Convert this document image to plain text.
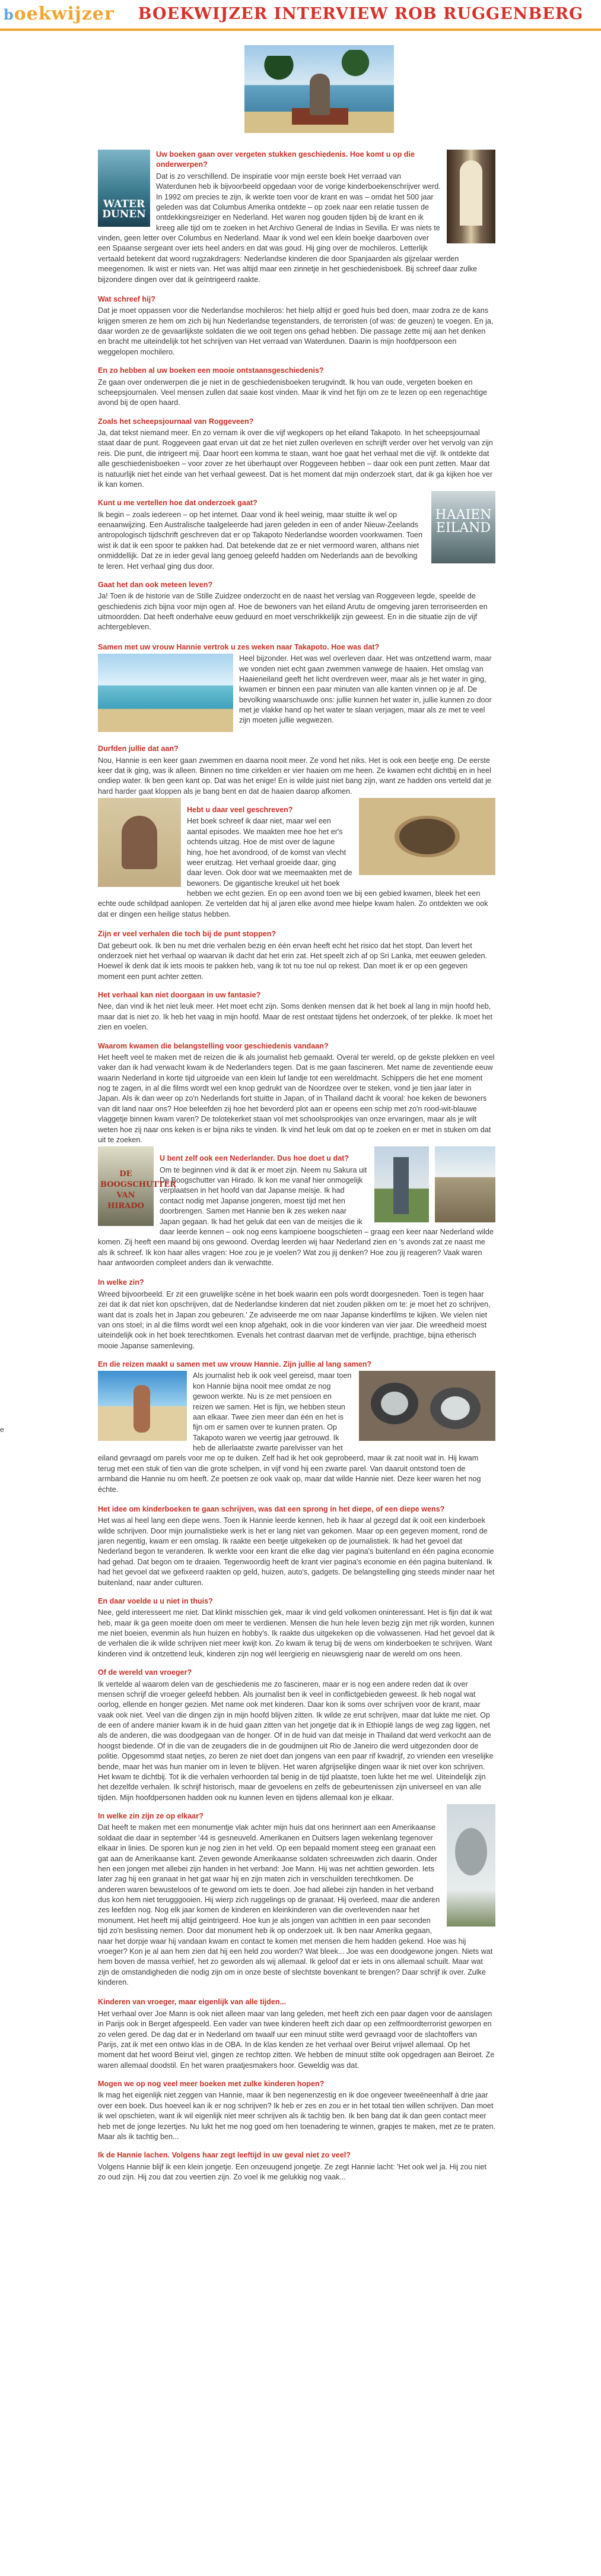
boekwijzer BOEKWIJZER INTERVIEW ROB RUGGENBERG
WATER DUNEN
Uw boeken gaan over vergeten stukken geschiedenis. Hoe komt u op die onderwerpen?

Dat is zo verschillend. De inspiratie voor mijn eerste boek Het verraad van Waterdunen heb ik bijvoorbeeld opgedaan voor de vorige kinderboekenschrijver werd. In 1992 om precies te zijn, ik werkte toen voor de krant en was – omdat het 500 jaar geleden was dat Columbus Amerika ontdekte – op zoek naar een relatie tussen de ontdekkingsreiziger en Nederland. Het waren nog gouden tijden bij de krant en ik kreeg alle tijd om te zoeken in het Archivo General de Indias in Sevilla. Er was niets te vinden, geen letter over Columbus en Nederland. Maar ik vond wel een klein boekje daarboven over een Spaanse sergeant over iets heel anders en dat was goud. Hij ging over de mochileros. Letterlijk vertaald betekent dat woord rugzakdragers: Nederlandse kinderen die door Spanjaarden als gijzelaar werden meegenomen. Ik wist er niets van. Het was altijd maar een zinnetje in het geschiedenisboek. Bij schreef daar zulke bijzondere dingen over dat ik geïntrigeerd raakte.

Wat schreef hij?

Dat je moet oppassen voor die Nederlandse mochileros: het hielp altijd er goed huis bed doen, maar zodra ze de kans krijgen smeren ze hem om zich bij hun Nederlandse tegenstanders, de terroristen (of was: de geuzen) te voegen. En ja, daar worden ze de gevaarlijkste soldaten die we ooit tegen ons gehad hebben. Die passage zette mij aan het denken en bracht me uiteindelijk tot het schrijven van Het verraad van Waterdunen. Daarin is mijn hoofdpersoon een weggelopen mochilero.

En zo hebben al uw boeken een mooie ontstaansgeschiedenis?

Ze gaan over onderwerpen die je niet in de geschiedenisboeken terugvindt. Ik hou van oude, vergeten boeken en scheepsjournalen. Veel mensen zullen dat saaie kost vinden. Maar ik vind het fijn om ze te lezen op een regenachtige avond bij de open haard.

Zoals het scheepsjournaal van Roggeveen?

Ja, dat tekst niemand meer. En zo vernam ik over die vijf wegkopers op het eiland Takapoto. In het scheepsjournaal staat daar de punt. Roggeveen gaat ervan uit dat ze het niet zullen overleven en schrijft verder over het vervolg van zijn reis. Die punt, die intrigeert mij. Daar hoort een komma te staan, want hoe gaat het verhaal met die vijf. Ik ontdekte dat alle geschiedenisboeken – voor zover ze het überhaupt over Roggeveen hebben – daar ook een punt zetten. Maar dat is natuurlijk niet het einde van het verhaal geweest. Dat is het moment dat mijn onderzoek start, dat ik ga kijken hoe ver ik kan komen.

HAAIEN EILAND
Kunt u me vertellen hoe dat onderzoek gaat?

Ik begin – zoals iedereen – op het internet. Daar vond ik heel weinig, maar stuitte ik wel op eenaanwijzing. Een Australische taalgeleerde had jaren geleden in een of ander Nieuw-Zeelands antropologisch tijdschrift geschreven dat er op Takapoto Nederlandse woorden voorkwamen. Toen wist ik dat ik een spoor te pakken had. Dat betekende dat ze er niet vermoord waren, althans niet onmiddellijk. Dat ze in ieder geval lang genoeg geleefd hadden om Nederlands aan de bevolking te leren. Het verhaal ging dus door.

Gaat het dan ook meteen leven?

Ja! Toen ik de historie van de Stille Zuidzee onderzocht en de naast het verslag van Roggeveen legde, speelde de geschiedenis zich bijna voor mijn ogen af. Hoe de bewoners van het eiland Arutu de omgeving jaren terroriseerden en uitmoordden. Dat heeft onderhalve eeuw geduurd en moet verschrikkelijk zijn geweest. En in die situatie zijn de vijf achtergebleven.

Samen met uw vrouw Hannie vertrok u zes weken naar Takapoto. Hoe was dat?

Heel bijzonder. Het was wel overleven daar. Het was ontzettend warm, maar we vonden niet echt gaan zwemmen vanwege de haaien. Het omslag van Haaieneiland geeft het licht overdreven weer, maar als je het water in ging, kwamen er binnen een paar minuten van alle kanten vinnen op je af. De bevolking waarschuwde ons: jullie kunnen het water in, jullie kunnen zo door met je vlakke hand op het water te slaan verjagen, maar als ze met te veel zijn moeten jullie wegwezen.

Durfden jullie dat aan?

Nou, Hannie is een keer gaan zwemmen en daarna nooit meer. Ze vond het niks. Het is ook een beetje eng. De eerste keer dat ik ging, was ik alleen. Binnen no time cirkelden er vier haaien om me heen. Ze kwamen echt dichtbij en in heel ondiep water. Ik ben geen kant op. Dat was het enige! En is wilde juist niet bang zijn, want ze hadden ons verteld dat je hard harder gaat kloppen als je bang bent en dat de haaien daarop afkomen.

Hebt u daar veel geschreven?

Het boek schreef ik daar niet, maar wel een aantal episodes. We maakten mee hoe het er's ochtends uitzag. Hoe de mist over de lagune hing, hoe het avondrood, of de komst van vlecht weer eruitzag. Het verhaal groeide daar, ging daar leven. Ook door wat we meemaakten met de bewoners. De gigantische kreukel uit het boek hebben we echt gezien. En op een avond toen we bij een gebied kwamen, bleek het een echte oude schildpad aanlopen. Ze vertelden dat hij al jaren elke avond mee hielpe kwam halen. Zo ontdekten we ook dat er dingen een heilige status hebben.

Zijn er veel verhalen die toch bij de punt stoppen?

Dat gebeurt ook. Ik ben nu met drie verhalen bezig en één ervan heeft echt het risico dat het stopt. Dan levert het onderzoek niet het verhaal op waarvan ik dacht dat het erin zat. Het speelt zich af op Sri Lanka, met eeuwen geleden. Hoewel ik denk dat ik iets moois te pakken heb, vang ik tot nu toe nul op rekest. Dan moet ik er op een gegeven moment een punt achter zetten.

Het verhaal kan niet doorgaan in uw fantasie?

Nee, dan vind ik het niet leuk meer. Het moet echt zijn. Soms denken mensen dat ik het boek al lang in mijn hoofd heb, maar dat is niet zo. Ik heb het vaag in mijn hoofd. Maar de rest ontstaat tijdens het onderzoek, of ter plekke. Ik moet het zien en voelen.

Waarom kwamen die belangstelling voor geschiedenis vandaan?

Het heeft veel te maken met de reizen die ik als journalist heb gemaakt. Overal ter wereld, op de gekste plekken en veel vaker dan ik had verwacht kwam ik de Nederlanders tegen. Dat is me gaan fascineren. Met name de zeventiende eeuw waarin Nederland in korte tijd uitgroeide van een klein luf landje tot een wereldmacht. Schippers die het ene moment nog te zagen, in al die films wordt wel een knop gedrukt van de Noordzee over te steken, vond je tien jaar later in Japan. Als ik dan weer op zo'n Nederlands fort stuitte in Japan, of in Thailand dacht ik vooral: hoe keken de bewoners van dit land naar ons? Hoe beleefden zij hoe het bevorderd plot aan er opeens een schip met zo'n rood-wit-blauwe vlaggetje binnen kwam varen? De tolotekerket staan vol met schoolsprookjes van onze ervaringen, maar als je wilt weten hoe zij naar ons keken is er bijna niks te vinden. Ik vind het leuk om dat op te zoeken en er met in stuken om dat uit te zoeken.

DE BOOGSCHUTTER VAN HIRADO
U bent zelf ook een Nederlander. Dus hoe doet u dat?

Om te beginnen vind ik dat ik er moet zijn. Neem nu Sakura uit De Boogschutter van Hirado. Ik kon me vanaf hier onmogelijk verplaatsen in het hoofd van dat Japanse meisje. Ik had contact nodig met Japanse jongeren, moest tijd met hen doorbrengen. Samen met Hannie ben ik zes weken naar Japan gegaan. Ik had het geluk dat een van de meisjes die ik daar leerde kennen – ook nog eens kampioene boogschieten – graag een keer naar Nederland wilde komen. Zij heeft een maand bij ons gewoond. Overdag leerden wij haar Nederland zien en 's avonds zat ze naast me als ik schreef. Ik kon haar alles vragen: Hoe zou je je voelen? Wat zou jij denken? Hoe zou jij reageren? Vaak waren haar antwoorden compleet anders dan ik verwachtte.

In welke zin?

Wreed bijvoorbeeld. Er zit een gruwelijke scène in het boek waarin een pols wordt doorgesneden. Toen is tegen haar zei dat ik dat niet kon opschrijven, dat de Nederlandse kinderen dat niet zouden pikken om te: je moet het zo schrijven, want dat is zoals het in Japan zou gebeuren.' Ze adviseerde me om naar Japanse kinderfilms te kijken. We vielen niet van ons stoel; in al die films wordt wel een knop afgehakt, ook in die voor kinderen van vier jaar. Die wreedheid moest uiteindelijk ook in het boek terechtkomen. Evenals het contrast daarvan met de verfijnde, prachtige, bijna etherisch mooie Japanse samenleving.

En die reizen maakt u samen met uw vrouw Hannie. Zijn jullie al lang samen?

Als journalist heb ik ook veel gereisd, maar toen kon Hannie bijna nooit mee omdat ze nog gewoon werkte. Nu is ze met pensioen en reizen we samen. Het is fijn, we hebben steun aan elkaar. Twee zien meer dan één en het is fijn om er samen over te kunnen praten. Op Takapoto waren we veertig jaar getrouwd. Ik heb de allerlaatste zwarte parelvisser van het eiland gevraagd om parels voor me op te duiken. Zelf had ik het ook geprobeerd, maar ik zat nooit wat in. Hij kwam terug met een stuk of tien van die grote schelpen, in vijf vond hij een zwarte parel. Van daaruit ontstond toen de armband die Hannie nu om heeft. Ze poetsen ze ook vaak op, maar dat wilde Hannie niet. Deze keer waren het nog échte.

Het idee om kinderboeken te gaan schrijven, was dat een sprong in het diepe, of een diepe wens?

Het was al heel lang een diepe wens. Toen ik Hannie leerde kennen, heb ik haar al gezegd dat ik ooit een kinderboek wilde schrijven. Door mijn journalistieke werk is het er lang niet van gekomen. Maar op een gegeven moment, rond de jaren negentig, kwam er een omslag. Ik raakte een beetje uitgekeken op de journalistiek. Ik had het gevoel dat Nederland begon te veranderen. Ik werkte voor een krant die elke dag vier pagina's buitenland en één pagina economie had gehad. Dat begon om te draaien. Tegenwoordig heeft de krant vier pagina's economie en één pagina buitenland. Ik had het gevoel dat we gefixeerd raakten op geld, huizen, auto's, gadgets. De belangstelling ging steeds minder naar het buitenland, naar ander culturen.

En daar voelde u u niet in thuis?

Nee, geld interesseert me niet. Dat klinkt misschien gek, maar ik vind geld volkomen oninteressant. Het is fijn dat ik wat heb, maar ik ga geen moeite doen om meer te verdienen. Mensen die hun hele leven bezig zijn met rijk worden, kunnen me niet boeien, evenmin als hun huizen en hobby's. Ik raakte dus uitgekeken op die volwassenen. Had het gevoel dat ik de verhalen die ik wilde schrijven niet meer kwijt kon. Zo kwam ik terug bij de wens om kinderboeken te schrijven. Want kinderen vind ik ontzettend leuk, kinderen zijn nog wél leergierig en nieuwsgierig naar de wereld om ons heen.

Of de wereld van vroeger?

Ik vertelde al waarom delen van de geschiedenis me zo fascineren, maar er is nog een andere reden dat ik over mensen schrijf die vroeger geleefd hebben. Als journalist ben ik veel in conflictgebieden geweest. Ik heb nogal wat oorlog, ellende en honger gezien. Met name ook met kinderen. Daar kon ik soms over schrijven voor de krant, maar vaak ook niet. Veel van die dingen zijn in mijn hoofd blijven zitten. Ik wilde ze erut schrijven, maar dat lukte me niet. Op de een of andere manier kwam ik in de huid gaan zitten van het jongetje dat ik in Ethiopië langs de weg zag liggen, net als de anderen, die was doodgegaan van de honger. Of in de huid van dat meisje in Thailand dat werd verkocht aan de hoogst biedende. Of in die van de zeugaders die in de goudmijnen uit Rio de Janeiro die werd uitgezonden door de politie. Opgesommd staat netjes, zo beren ze niet doet dan jongens van een paar rif kwadrijf, zo vrienden een vreselijke bende, maar het was hun manier om in leven te blijven. Het waren afgrijselijke dingen waar ik niet over kon schrijven. Het kwam te dichtbij. Tot ik die verhalen verhoorden tal benig in de tijd plaatste, toen lukte het me wel. Uiteindelijk zijn het dezelfde verhalen. Ik schrijf historisch, maar de gevoelens en zelfs de gebeurtenissen zijn universeel en van alle tijden. Mijn hoofdpersonen hadden ook nu kunnen leven en tijdens allemaal kon je elkaar.

In welke zin zijn ze op elkaar?

Dat heeft te maken met een monumentje vlak achter mijn huis dat ons herinnert aan een Amerikaanse soldaat die daar in september '44 is gesneuveld. Amerikanen en Duitsers lagen wekenlang tegenover elkaar in linies. De sporen kun je nog zien in het veld. Op een bepaald moment steeg een granaat een gat aan de Amerikaanse kant. Zeven gewonde Amerikaanse soldaten schreeuwden zich daarin. Onder hen een jongen met allebei zijn handen in het verband: Joe Mann. Hij was net achttien geworden. Iets later zag hij een granaat in het gat waar hij en zijn maten zich in verschuilden terechtkomen. De anderen waren bewusteloos of te gewond om iets te doen. Joe had allebei zijn handen in het verband dus kon hem niet terugggooien. Hij wierp zich ruggelings op de granaat. Hij overleed, maar die anderen zes leefden nog. Nog elk jaar komen de kinderen en kleinkinderen van die overlevenden naar het monument. Het heeft mij altijd geintrigeerd. Hoe kun je als jongen van achttien in een paar seconden tijd zo'n beslissing nemen. Door dat monument heb ik op onderzoek uit. Ik ben naar Amerika gegaan, naar het dorpje waar hij vandaan kwam en contact te komen met mensen die hem hadden gekend. Hoe was hij vroeger? Kon je al aan hem zien dat hij een held zou worden? Wat bleek... Joe was een doodgewone jongen. Niets wat hem boven de massa verhief, het zo geworden als wij allemaal. Ik geloof dat er iets in ons allemaal schuilt. Maar wat zijn de omstandigheden die nodig zijn om in onze beste of slechtste bovenkant te brengen? Daar schrijf ik over. Zulke kinderen.

Kinderen van vroeger, maar eigenlijk van alle tijden...

Het verhaal over Joe Mann is ook niet alleen maar van lang geleden, met heeft zich een paar dagen voor de aanslagen in Parijs ook in Berget afgespeeld. Een vader van twee kinderen heeft zich daar op een zelfmoordterrorist geworpen en zo velen gered. De dag dat er in Nederland om twaalf uur een minuut stilte werd gevraagd voor de slachtoffers van Parijs, zat ik met een ontwo klas in de OBA. In de klas kenden ze het verhaal over Beirut vrijwel allemaal. Op het moment dat het woord Beirut viel, gingen ze rechtop zitten. We hebben de minuut stilte ook opgedragen aan Beiroet. Ze waren allemaal doodstil. En het waren praatjesmakers hoor. Geweldig was dat.

Mogen we op nog veel meer boeken met zulke kinderen hopen?

Ik mag het eigenlijk niet zeggen van Hannie, maar ik ben negenenzestig en ik doe ongeveer tweeëneenhalf à drie jaar over een boek. Dus hoeveel kan ik er nog schrijven? Ik heb er zes en zou er in het totaal tien willen schrijven. Dan moet ik wel opschieten, want ik wil eigenlijk niet meer schrijven als ik tachtig ben. Ik ben bang dat ik dan geen contact meer heb met de jonge lezertjes. Nu lukt het me nog goed om hen toenadering te winnen, grapjes te maken, met ze te praten. Maar als ik tachtig ben...

Ik de Hannie lachen. Volgens haar zegt leeftijd in uw geval niet zo veel?

Volgens Hannie blijf ik een klein jongetje. Een onzeuugend jongetje. Ze zegt Hannie lacht: 'Het ook wel ja. Hij zou niet zo oud zijn. Hij zou dat zou veertien zijn. Zo voel ik me gelukkig nog vaak...

e
